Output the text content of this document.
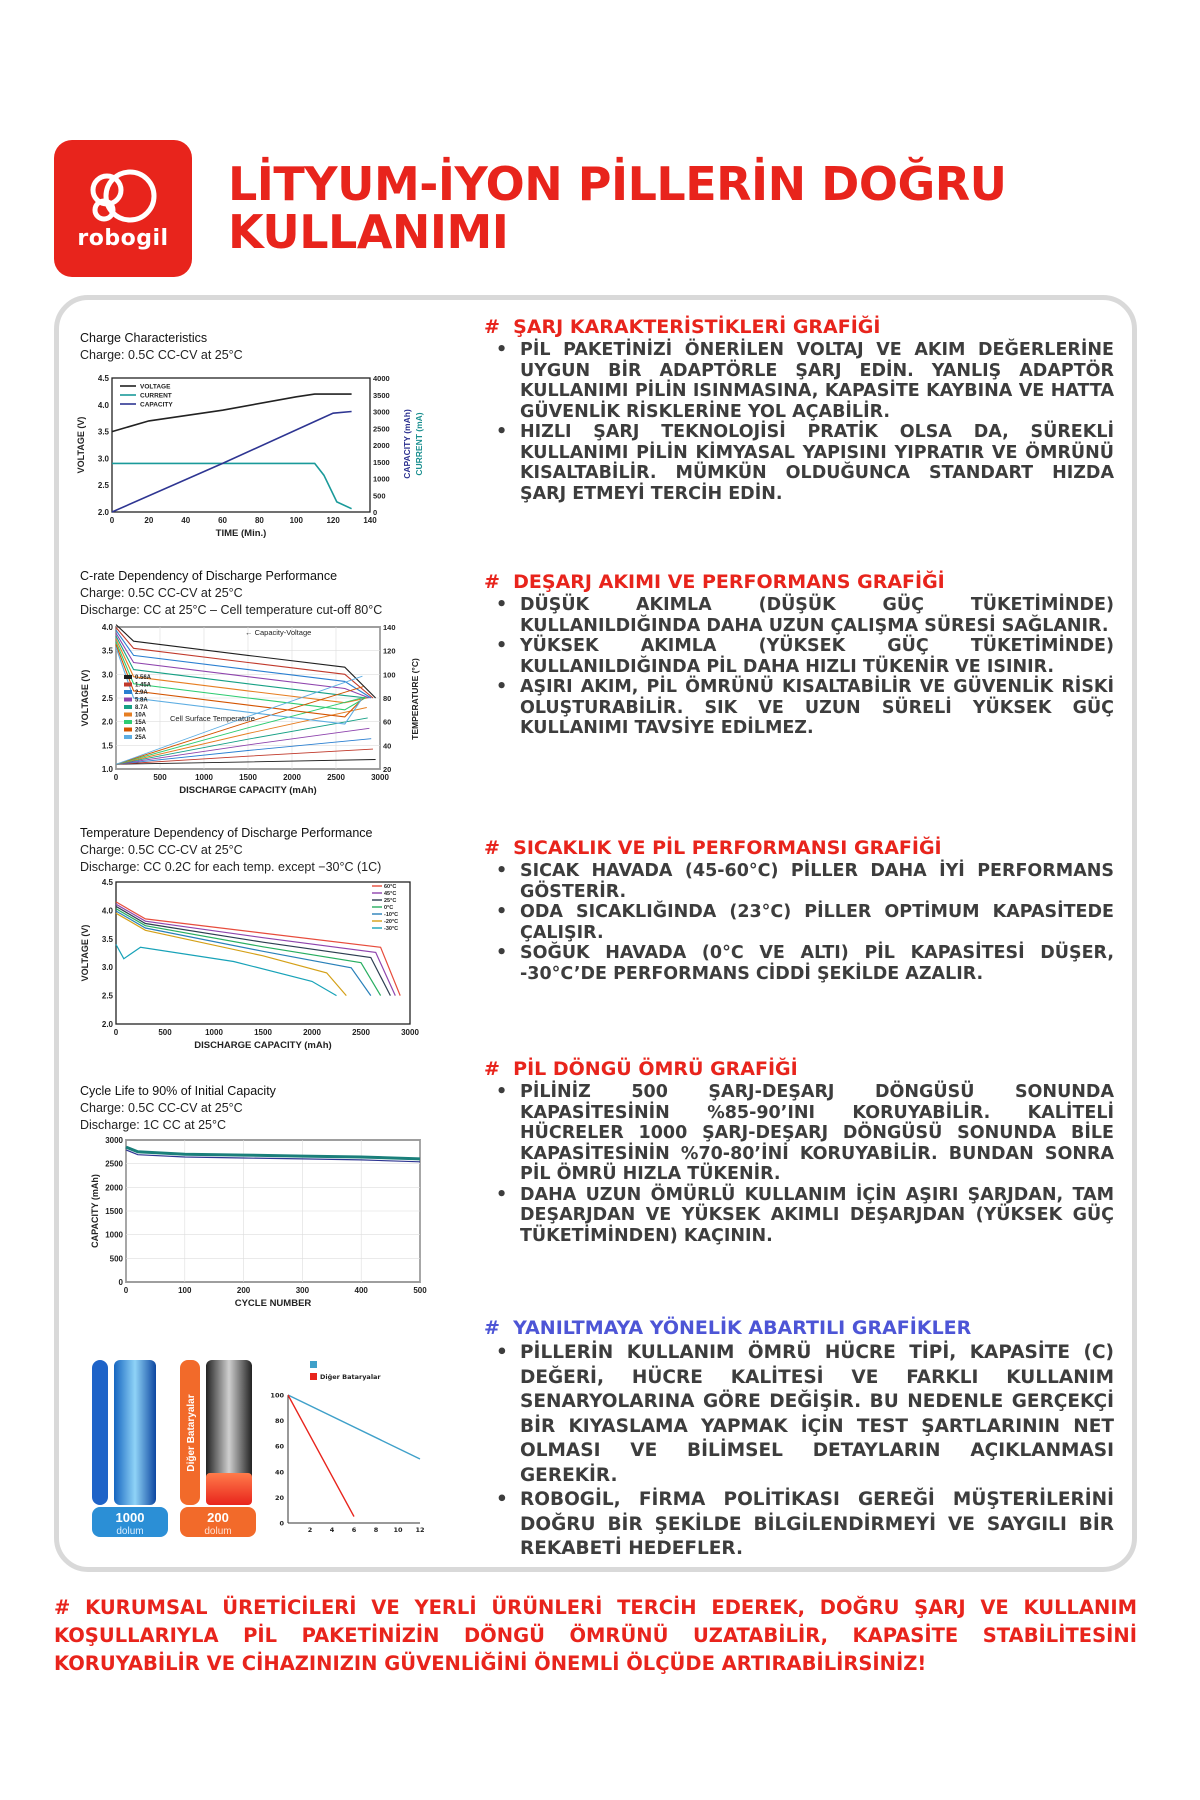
robogil
LİTYUM-İYON PİLLERİN DOĞRU KULLANIMI
Charge Characteristics
Charge: 0.5C CC-CV at 25°C
0	20	40	60	80	100	120	140
2.0
2.5
3.0
3.5
4.0
4.5
0
500
1000
1500
2000
2500
3000
3500
4000
TIME (Min.)
VOLTAGE (V)	CAPACITY (mAh) CURRENT (mA)
VOLTAGE
CURRENT
CAPACITY
C-rate Dependency of Discharge Performance
Charge: 0.5C CC-CV at 25°C
Discharge: CC at 25°C – Cell temperature cut-off 80°C
0	500	1000	1500	2000	2500	3000
1.0
1.5
2.0
2.5
3.0
3.5
4.0
20
40
60
80
100
120
140
DISCHARGE CAPACITY (mAh)
VOLTAGE (V)	TEMPERATURE (°C)
0.56A
1.45A
2.9A
5.8A
8.7A
10A
15A
20A
25A
← Capacity-Voltage
Cell Surface Temperature
Temperature Dependency of Discharge Performance
Charge: 0.5C CC-CV at 25°C
Discharge: CC 0.2C for each temp. except −30°C (1C)
0	500	1000	1500	2000	2500	3000
2.0
2.5
3.0
3.5
4.0
4.5
DISCHARGE CAPACITY (mAh)
VOLTAGE (V)
60°C
45°C
25°C
0°C
-10°C
-20°C
-30°C
Cycle Life to 90% of Initial Capacity
Charge: 0.5C CC-CV at 25°C
Discharge: 1C CC at 25°C
0	100	200	300	400	500
0
500
1000
1500
2000
2500
3000
CYCLE NUMBER
CAPACITY (mAh)
1000
dolum
Diğer Bataryalar
200
dolum
0
20
40
60
80
100
2	4	6	8 10 12
Diğer Bataryalar
#  ŞARJ KARAKTERİSTİKLERİ GRAFİĞİ
• PİL PAKETİNİZİ ÖNERİLEN VOLTAJ VE AKIM DEĞERLERİNE UYGUN BİR ADAPTÖRLE ŞARJ EDİN. YANLIŞ ADAPTÖR KULLANIMI PİLİN ISINMASINA, KAPASİTE KAYBINA VE HATTA GÜVENLİK RİSKLERİNE YOL AÇABİLİR.
• HIZLI ŞARJ TEKNOLOJİSİ PRATİK OLSA DA, SÜREKLİ KULLANIMI PİLİN KİMYASAL YAPISINI YIPRATIR VE ÖMRÜNÜ KISALTABİLİR. MÜMKÜN OLDUĞUNCA STANDART HIZDA ŞARJ ETMEYİ TERCİH EDİN.
#  DEŞARJ AKIMI VE PERFORMANS GRAFİĞİ
• DÜŞÜK AKIMLA (DÜŞÜK GÜÇ TÜKETİMİNDE) KULLANILDIĞINDA DAHA UZUN ÇALIŞMA SÜRESİ SAĞLANIR.
• YÜKSEK AKIMLA (YÜKSEK GÜÇ TÜKETİMİNDE) KULLANILDIĞINDA PİL DAHA HIZLI TÜKENİR VE ISINIR.
• AŞIRI AKIM, PİL ÖMRÜNÜ KISALTABİLİR VE GÜVENLİK RİSKİ OLUŞTURABİLİR. SIK VE UZUN SÜRELİ YÜKSEK GÜÇ KULLANIMI TAVSİYE EDİLMEZ.
#  SICAKLIK VE PİL PERFORMANSI GRAFİĞİ
• SICAK HAVADA (45-60°C) PİLLER DAHA İYİ PERFORMANS GÖSTERİR.
• ODA SICAKLIĞINDA (23°C) PİLLER OPTİMUM KAPASİTEDE ÇALIŞIR.
• SOĞUK HAVADA (0°C VE ALTI) PİL KAPASİTESİ DÜŞER, -30°C’DE PERFORMANS CİDDİ ŞEKİLDE AZALIR.
#  PİL DÖNGÜ ÖMRÜ GRAFİĞİ
• PİLİNİZ 500 ŞARJ-DEŞARJ DÖNGÜSÜ SONUNDA KAPASİTESİNİN %85-90’INI KORUYABİLİR. KALİTELİ HÜCRELER 1000 ŞARJ-DEŞARJ DÖNGÜSÜ SONUNDA BİLE KAPASİTESİNİN %70-80’İNİ KORUYABİLİR. BUNDAN SONRA PİL ÖMRÜ HIZLA TÜKENİR.
• DAHA UZUN ÖMÜRLÜ KULLANIM İÇİN AŞIRI ŞARJDAN, TAM DEŞARJDAN VE YÜKSEK AKIMLI DEŞARJDAN (YÜKSEK GÜÇ TÜKETİMİNDEN) KAÇININ.
#  YANILTMAYA YÖNELİK ABARTILI GRAFİKLER
• PİLLERİN KULLANIM ÖMRÜ HÜCRE TİPİ, KAPASİTE (C) DEĞERİ, HÜCRE KALİTESİ VE FARKLI KULLANIM SENARYOLARINA GÖRE DEĞİŞİR. BU NEDENLE GERÇEKÇİ BİR KIYASLAMA YAPMAK İÇİN TEST ŞARTLARININ NET OLMASI VE BİLİMSEL DETAYLARIN AÇIKLANMASI GEREKİR.
• ROBOGİL, FİRMA POLİTİKASI GEREĞİ MÜŞTERİLERİNİ DOĞRU BİR ŞEKİLDE BİLGİLENDİRMEYİ VE SAYGILI BİR REKABETİ HEDEFLER.
# KURUMSAL ÜRETİCİLERİ VE YERLİ ÜRÜNLERİ TERCİH EDEREK, DOĞRU ŞARJ VE KULLANIM KOŞULLARIYLA PİL PAKETİNİZİN DÖNGÜ ÖMRÜNÜ UZATABİLİR, KAPASİTE STABİLİTESİNİ KORUYABİLİR VE CİHAZINIZIN GÜVENLİĞİNİ ÖNEMLİ ÖLÇÜDE ARTIRABİLİRSİNİZ!
